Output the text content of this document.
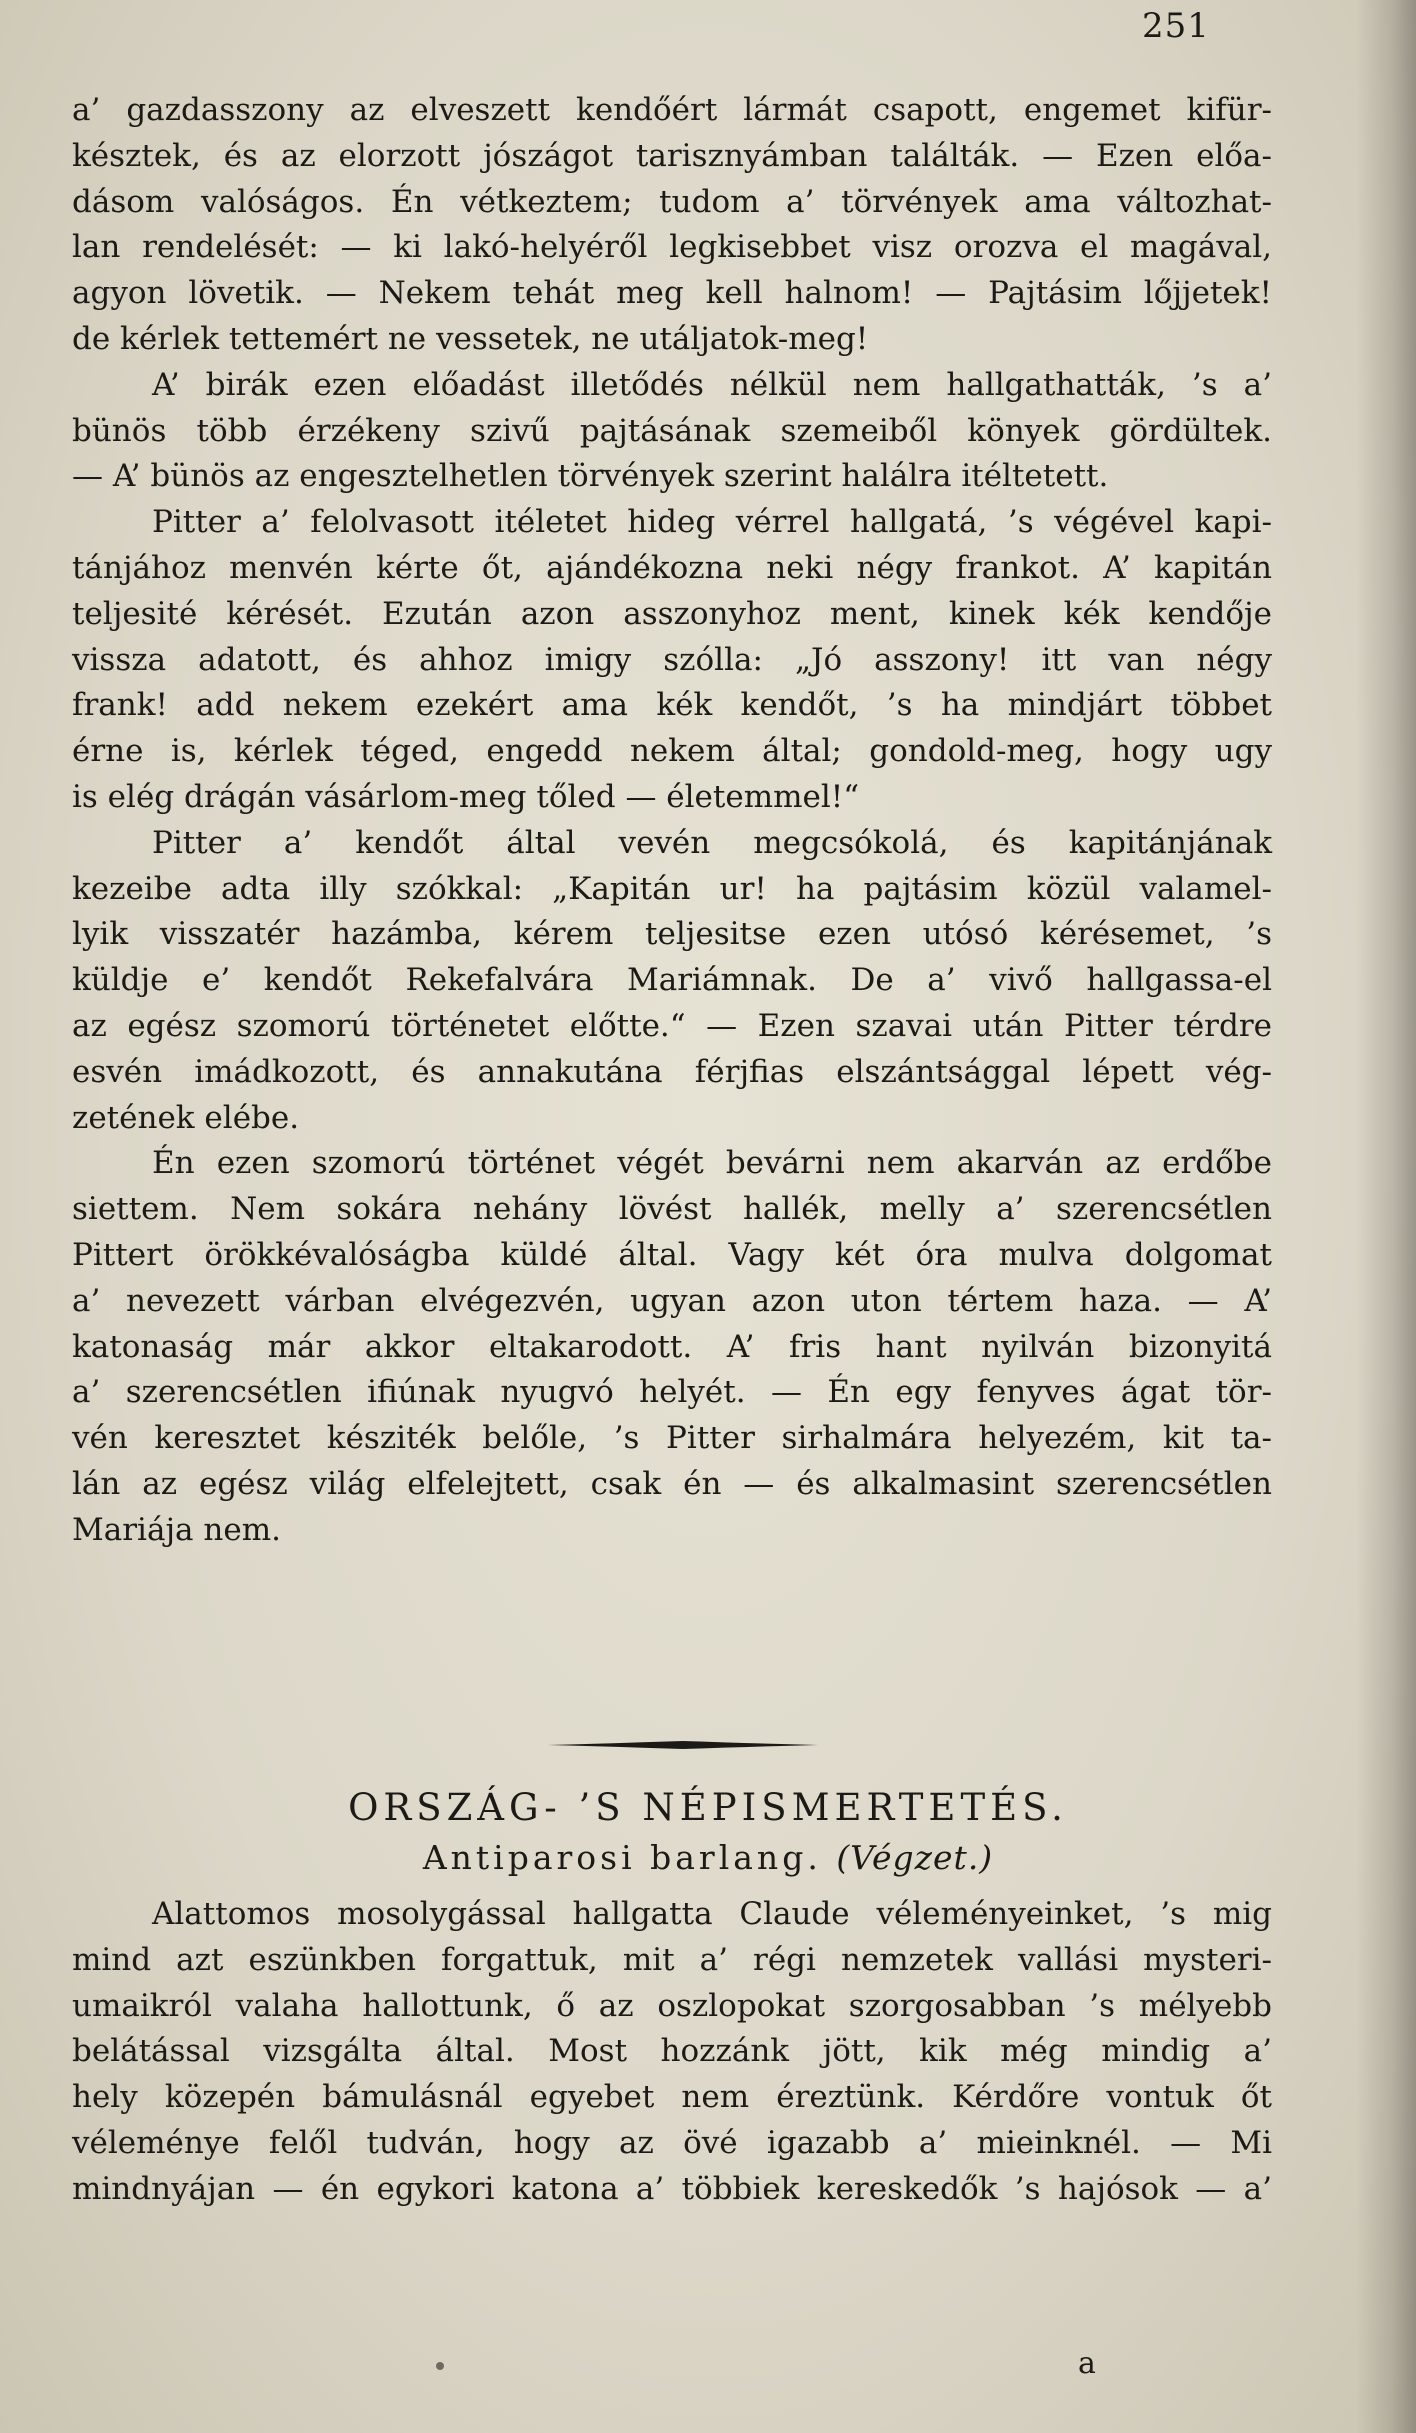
251
a’ gazdasszony az elveszett kendőért lármát csapott, engemet kifür-
késztek, és az elorzott jószágot tarisznyámban találták. — Ezen előa-
dásom valóságos. Én vétkeztem; tudom a’ törvények ama változhat-
lan rendelését: — ki lakó-helyéről legkisebbet visz orozva el magával,
agyon lövetik. — Nekem tehát meg kell halnom! — Pajtásim lőjjetek!
de kérlek tettemért ne vessetek, ne utáljatok-meg!
A’ birák ezen előadást illetődés nélkül nem hallgathatták, ’s a’
bünös több érzékeny szivű pajtásának szemeiből könyek gördültek.
— A’ bünös az engesztelhetlen törvények szerint halálra itéltetett.
Pitter a’ felolvasott itéletet hideg vérrel hallgatá, ’s végével kapi-
tánjához menvén kérte őt, ajándékozna neki négy frankot. A’ kapitán
teljesité kérését. Ezután azon asszonyhoz ment, kinek kék kendője
vissza adatott, és ahhoz imigy szólla: „Jó asszony! itt van négy
frank! add nekem ezekért ama kék kendőt, ’s ha mindjárt többet
érne is, kérlek téged, engedd nekem által; gondold-meg, hogy ugy
is elég drágán vásárlom-meg tőled — életemmel!“
Pitter a’ kendőt által vevén megcsókolá, és kapitánjának
kezeibe adta illy szókkal: „Kapitán ur! ha pajtásim közül valamel-
lyik visszatér hazámba, kérem teljesitse ezen utósó kérésemet, ’s
küldje e’ kendőt Rekefalvára Mariámnak. De a’ vivő hallgassa-el
az egész szomorú történetet előtte.“ — Ezen szavai után Pitter térdre
esvén imádkozott, és annakutána férjfias elszántsággal lépett vég-
zetének elébe.
Én ezen szomorú történet végét bevárni nem akarván az erdőbe
siettem. Nem sokára nehány lövést hallék, melly a’ szerencsétlen
Pittert örökkévalóságba küldé által. Vagy két óra mulva dolgomat
a’ nevezett várban elvégezvén, ugyan azon uton tértem haza. — A’
katonaság már akkor eltakarodott. A’ fris hant nyilván bizonyitá
a’ szerencsétlen ifiúnak nyugvó helyét. — Én egy fenyves ágat tör-
vén keresztet késziték belőle, ’s Pitter sirhalmára helyezém, kit ta-
lán az egész világ elfelejtett, csak én — és alkalmasint szerencsétlen
Mariája nem.
ORSZÁG- ’S NÉPISMERTETÉS.
Antiparosi barlang. (Végzet.)
Alattomos mosolygással hallgatta Claude véleményeinket, ’s mig
mind azt eszünkben forgattuk, mit a’ régi nemzetek vallási mysteri-
umaikról valaha hallottunk, ő az oszlopokat szorgosabban ’s mélyebb
belátással vizsgálta által. Most hozzánk jött, kik még mindig a’
hely közepén bámulásnál egyebet nem éreztünk. Kérdőre vontuk őt
véleménye felől tudván, hogy az övé igazabb a’ mieinknél. — Mi
mindnyájan — én egykori katona a’ többiek kereskedők ’s hajósok — a’
a
